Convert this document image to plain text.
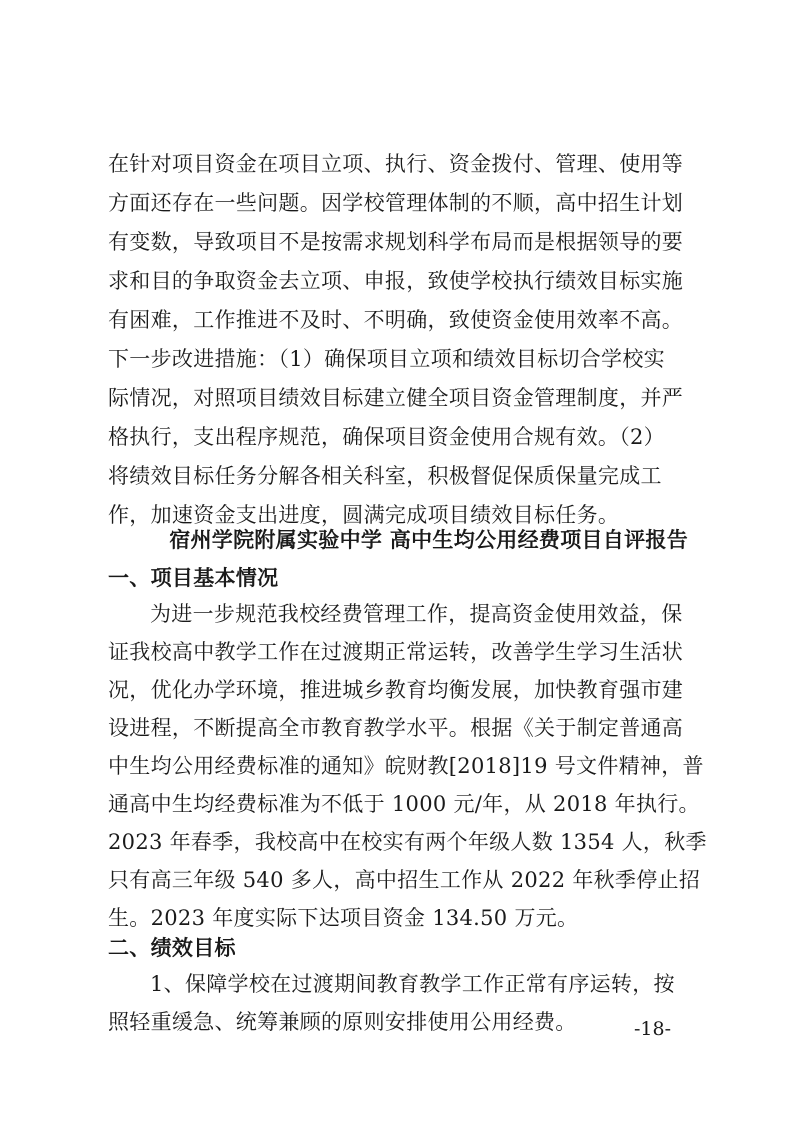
在针对项目资金在项目立项、执行、资金拨付、管理、使用等
方面还存在一些问题。因学校管理体制的不顺，高中招生计划
有变数，导致项目不是按需求规划科学布局而是根据领导的要
求和目的争取资金去立项、申报，致使学校执行绩效目标实施
有困难，工作推进不及时、不明确，致使资金使用效率不高。
下一步改进措施：（1）确保项目立项和绩效目标切合学校实
际情况，对照项目绩效目标建立健全项目资金管理制度，并严
格执行，支出程序规范，确保项目资金使用合规有效。（2）
将绩效目标任务分解各相关科室，积极督促保质保量完成工
作，加速资金支出进度，圆满完成项目绩效目标任务。
宿州学院附属实验中学 高中生均公用经费项目自评报告
一、项目基本情况
为进一步规范我校经费管理工作，提高资金使用效益，保
证我校高中教学工作在过渡期正常运转，改善学生学习生活状
况，优化办学环境，推进城乡教育均衡发展，加快教育强市建
设进程，不断提高全市教育教学水平。根据《关于制定普通高
中生均公用经费标准的通知》皖财教[2018]19 号文件精神，普
通高中生均经费标准为不低于 1000 元/年，从 2018 年执行。
2023 年春季，我校高中在校实有两个年级人数 1354 人，秋季
只有高三年级 540 多人，高中招生工作从 2022 年秋季停止招
生。2023 年度实际下达项目资金 134.50 万元。
二、绩效目标
1、保障学校在过渡期间教育教学工作正常有序运转，按
照轻重缓急、统筹兼顾的原则安排使用公用经费。	-18-
